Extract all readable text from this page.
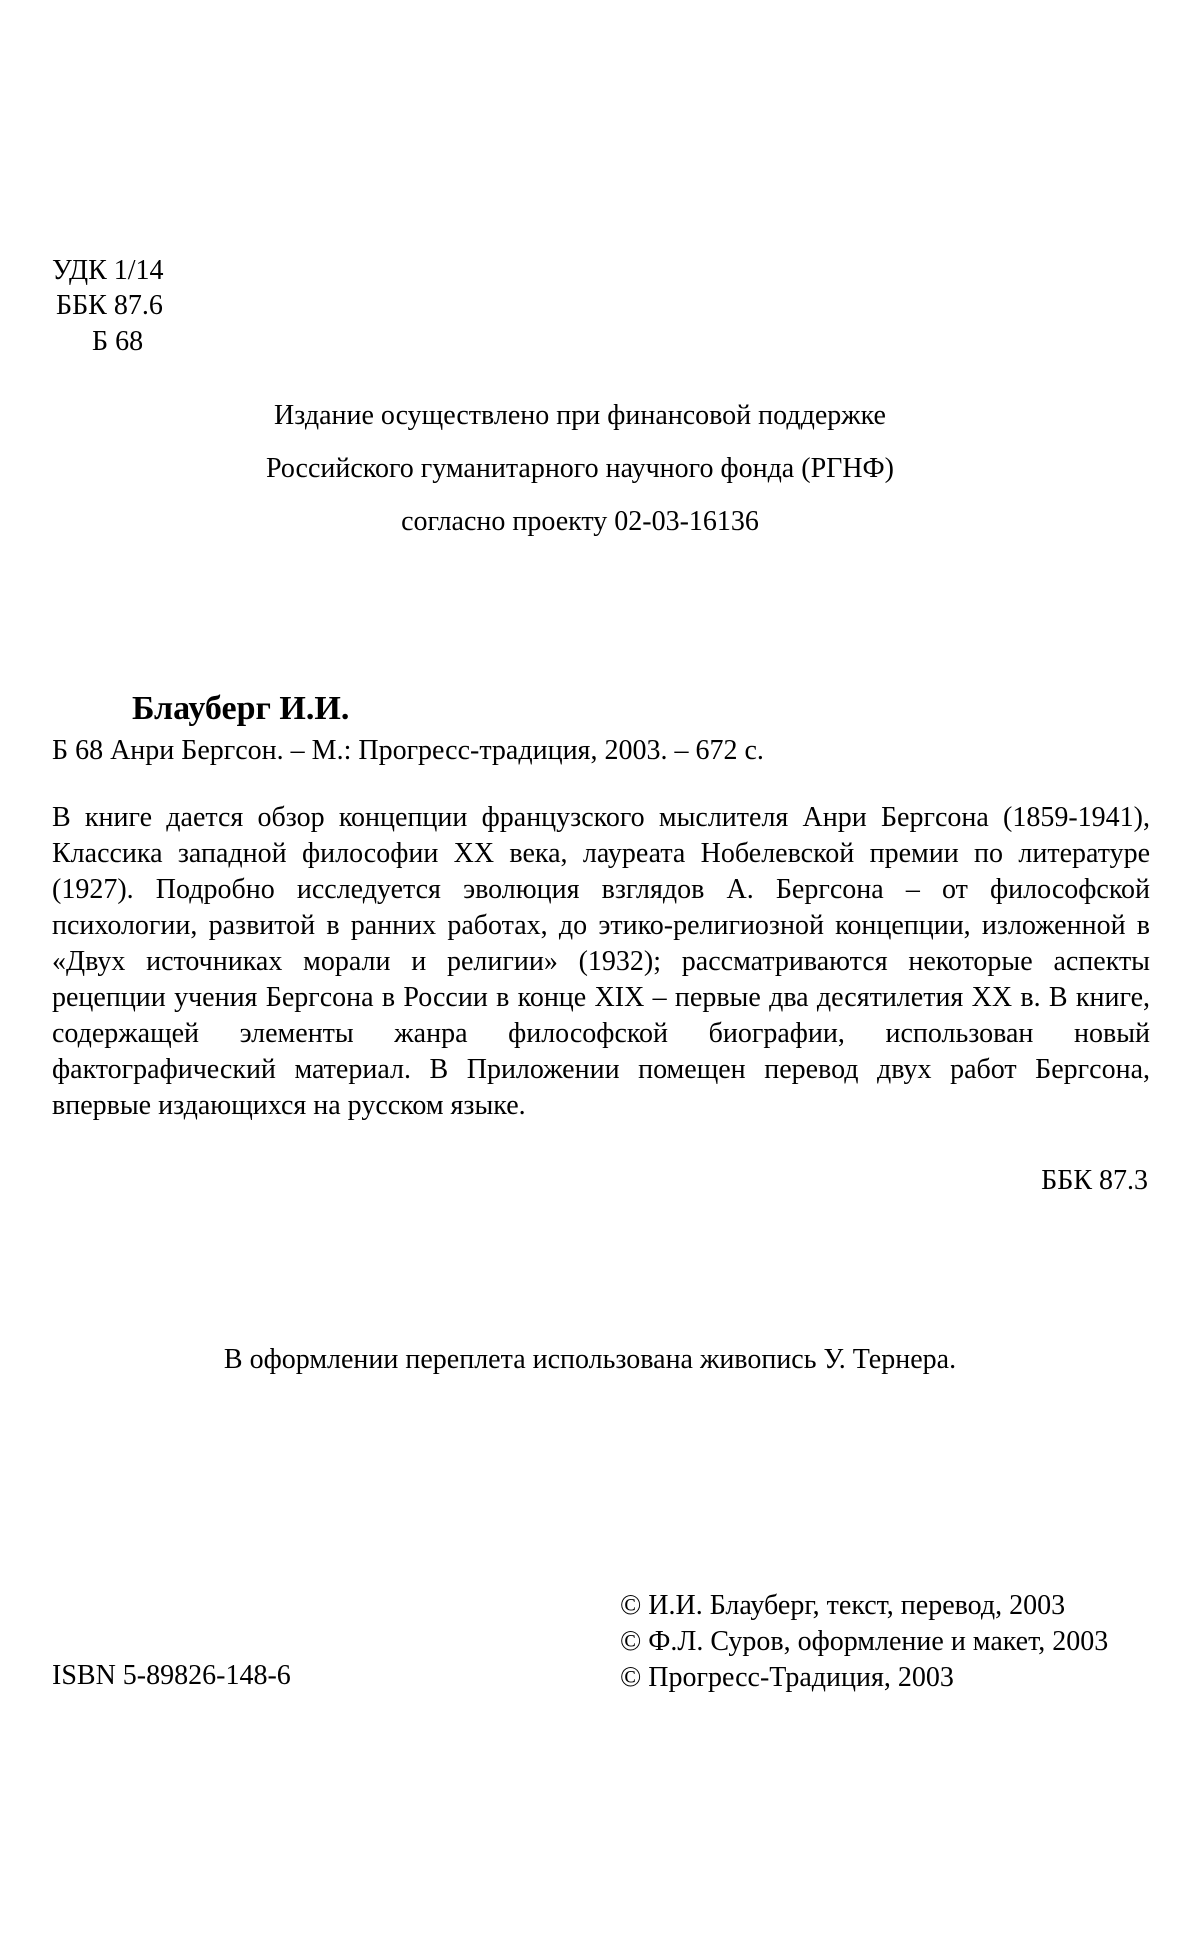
УДК 1/14
ББК 87.6
Б 68
Издание осуществлено при финансовой поддержке
Российского гуманитарного научного фонда (РГНФ)
согласно проекту 02-03-16136
Блауберг И.И.
Б 68 Анри Бергсон. – М.: Прогресс-традиция, 2003. – 672 с.
В книге дается обзор концепции французского мыслителя Анри Бергсона (1859-1941), Классика западной философии XX века, лауреата Нобелевской премии по литературе (1927). Подробно исследуется эволюция взглядов А. Бергсона – от философской психологии, развитой в ранних работах, до этико-религиозной концепции, изложенной в «Двух источниках морали и религии» (1932); рассматриваются некоторые аспекты рецепции учения Бергсона в России в конце XIX – первые два десятилетия XX в. В книге, содержащей элементы жанра философской биографии, использован новый фактографический материал. В Приложении помещен перевод двух работ Бергсона, впервые издающихся на русском языке.
ББК 87.3
В оформлении переплета использована живопись У. Тернера.
ISBN 5-89826-148-6
© И.И. Блауберг, текст, перевод, 2003
© Ф.Л. Суров, оформление и макет, 2003
© Прогресс-Традиция, 2003
